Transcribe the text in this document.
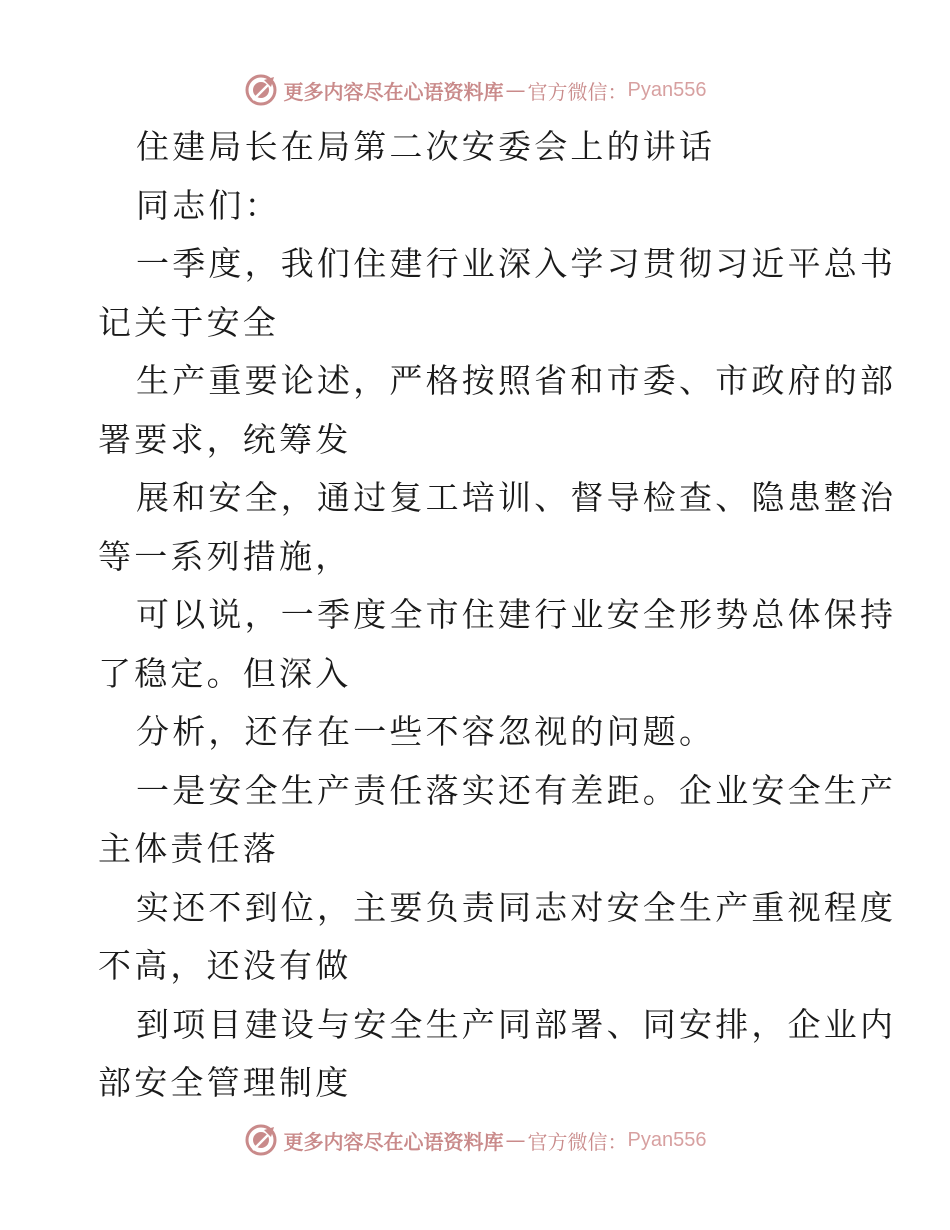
更多内容尽在心语资料库 — 官方微信： Pyan556
住建局长在局第二次安委会上的讲话
同志们：
一季度，我们住建行业深入学习贯彻习近平总书
记关于安全
生产重要论述，严格按照省和市委、市政府的部
署要求，统筹发
展和安全，通过复工培训、督导检查、隐患整治
等一系列措施，
可以说，一季度全市住建行业安全形势总体保持
了稳定。但深入
分析，还存在一些不容忽视的问题。
一是安全生产责任落实还有差距。企业安全生产
主体责任落
实还不到位，主要负责同志对安全生产重视程度
不高，还没有做
到项目建设与安全生产同部署、同安排，企业内
部安全管理制度
更多内容尽在心语资料库 — 官方微信： Pyan556
